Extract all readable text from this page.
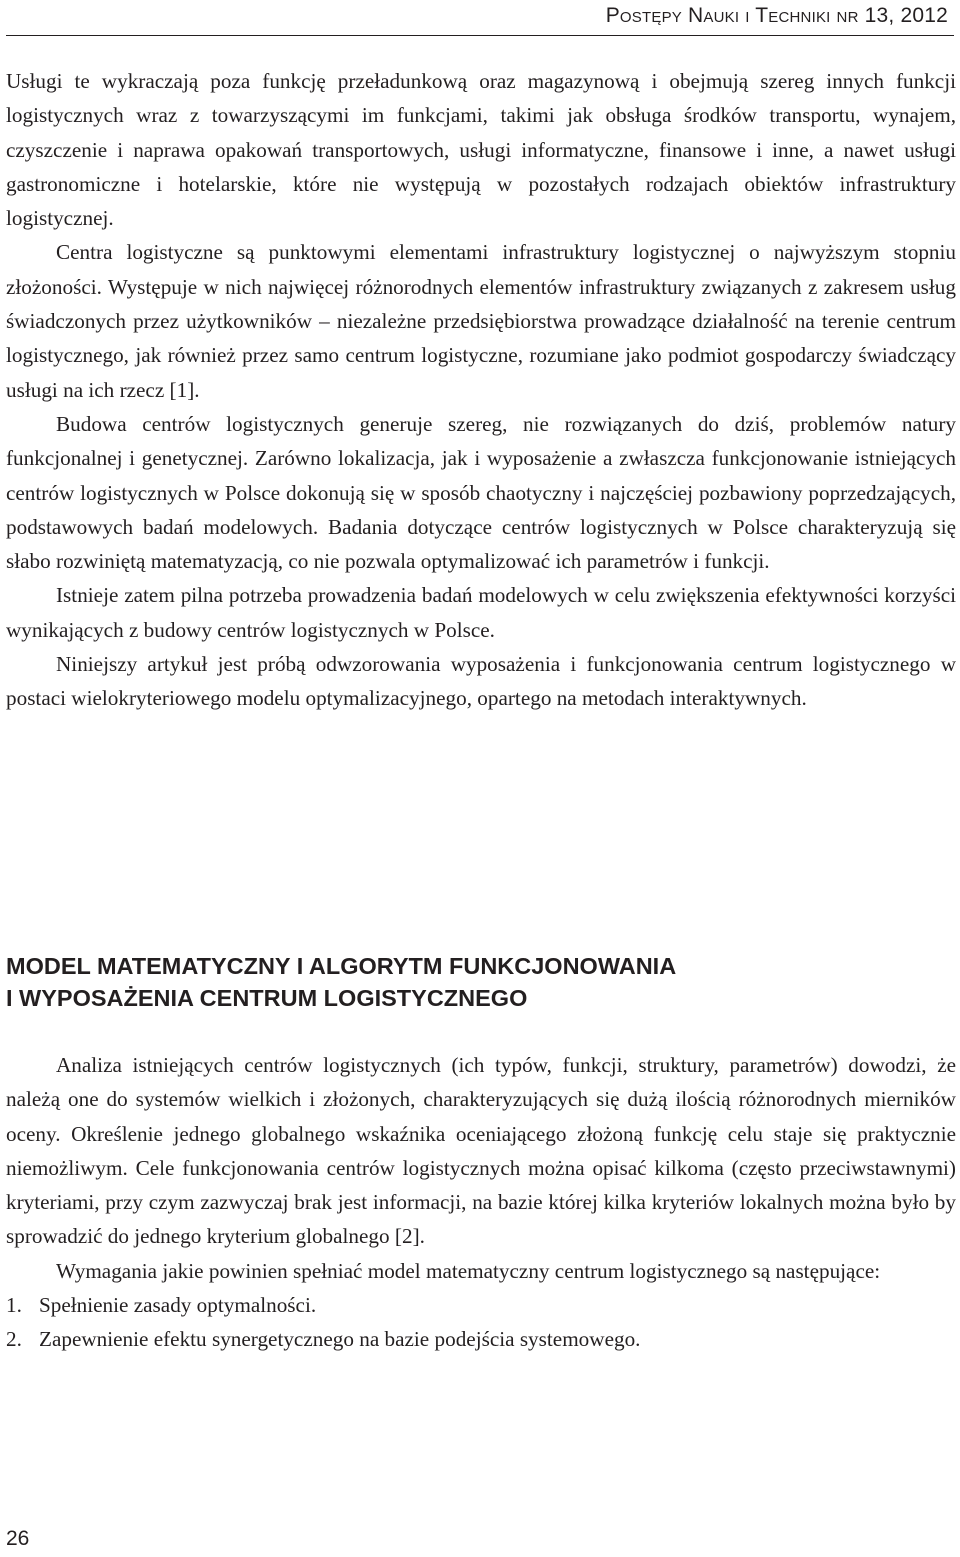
Postępy Nauki i Techniki nr 13, 2012

Usługi te wykraczają poza funkcję przeładunkową oraz magazynową i obejmują szereg innych funkcji logistycznych wraz z towarzyszącymi im funkcjami, takimi jak obsługa środków transportu, wynajem, czyszczenie i naprawa opakowań transportowych, usługi informatyczne, finansowe i inne, a nawet usługi gastronomiczne i hotelarskie, które nie występują w pozostałych rodzajach obiektów infrastruktury logistycznej.

Centra logistyczne są punktowymi elementami infrastruktury logistycznej o najwyższym stopniu złożoności. Występuje w nich najwięcej różnorodnych elementów infrastruktury związanych z zakresem usług świadczonych przez użytkowników – niezależne przedsiębiorstwa prowadzące działalność na terenie centrum logistycznego, jak również przez samo centrum logistyczne, rozumiane jako podmiot gospodarczy świadczący usługi na ich rzecz [1].

Budowa centrów logistycznych generuje szereg, nie rozwiązanych do dziś, problemów natury funkcjonalnej i genetycznej. Zarówno lokalizacja, jak i wyposażenie a zwłaszcza funkcjonowanie istniejących centrów logistycznych w Polsce dokonują się w sposób chaotyczny i najczęściej pozbawiony poprzedzających, podstawowych badań modelowych. Badania dotyczące centrów logistycznych w Polsce charakteryzują się słabo rozwiniętą matematyzacją, co nie pozwala optymalizować ich parametrów i funkcji.

Istnieje zatem pilna potrzeba prowadzenia badań modelowych w celu zwiększenia efektywności korzyści wynikających z budowy centrów logistycznych w Polsce.

Niniejszy artykuł jest próbą odwzorowania wyposażenia i funkcjonowania centrum logistycznego w postaci wielokryteriowego modelu optymalizacyjnego, opartego na metodach interaktywnych.

MODEL MATEMATYCZNY I ALGORYTM FUNKCJONOWANIA
I WYPOSAŻENIA CENTRUM LOGISTYCZNEGO

Analiza istniejących centrów logistycznych (ich typów, funkcji, struktury, parametrów) dowodzi, że należą one do systemów wielkich i złożonych, charakteryzujących się dużą ilością różnorodnych mierników oceny. Określenie jednego globalnego wskaźnika oceniającego złożoną funkcję celu staje się praktycznie niemożliwym. Cele funkcjonowania centrów logistycznych można opisać kilkoma (często przeciwstawnymi) kryteriami, przy czym zazwyczaj brak jest informacji, na bazie której kilka kryteriów lokalnych można było by sprowadzić do jednego kryterium globalnego [2].

Wymagania jakie powinien spełniać model matematyczny centrum logistycznego są następujące:

1. Spełnienie zasady optymalności.
2. Zapewnienie efektu synergetycznego na bazie podejścia systemowego.
26
